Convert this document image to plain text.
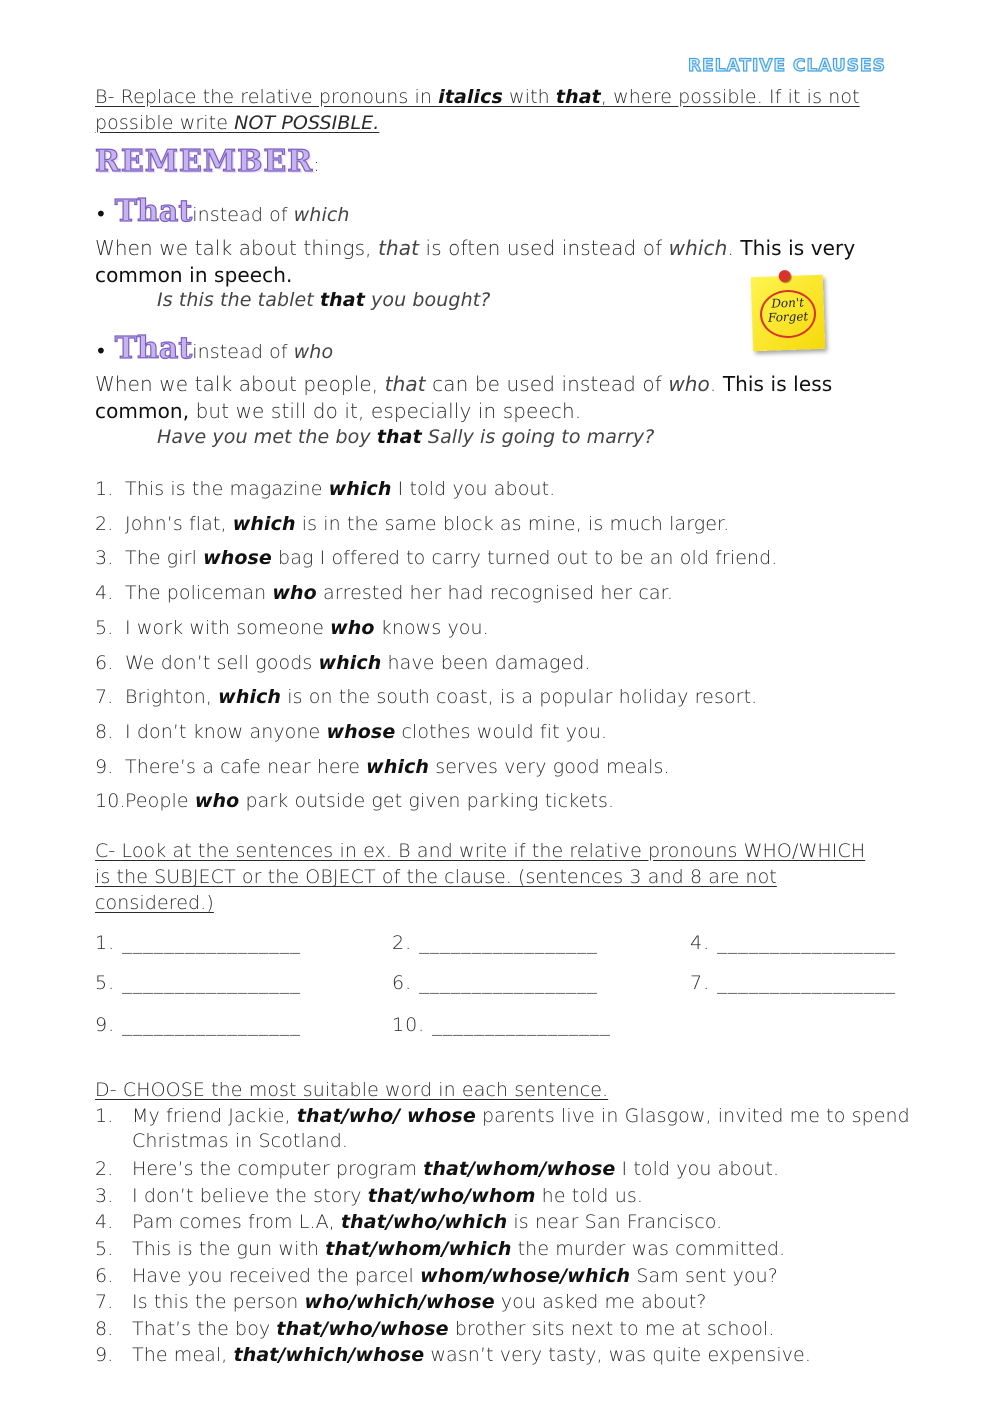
RELATIVE CLAUSES
B- Replace the relative pronouns in italics with that, where possible. If it is not
possible write NOT POSSIBLE.
REMEMBER:
• That instead of which
When we talk about things, that is often used instead of which. This is very
common in speech.
Is this the tablet that you bought?	Don't Forget
• That instead of who
When we talk about people, that can be used instead of who. This is less
common, but we still do it, especially in speech.
Have you met the boy that Sally is going to marry?
1. This is the magazine which I told you about.
2. John’s flat, which is in the same block as mine, is much larger.
3. The girl whose bag I offered to carry turned out to be an old friend.
4. The policeman who arrested her had recognised her car.
5. I work with someone who knows you.
6. We don’t sell goods which have been damaged.
7. Brighton, which is on the south coast, is a popular holiday resort.
8. I don’t know anyone whose clothes would fit you.
9. There’s a cafe near here which serves very good meals.
10.People who park outside get given parking tickets.
C- Look at the sentences in ex. B and write if the relative pronouns WHO/WHICH
is the SUBJECT or the OBJECT of the clause. (sentences 3 and 8 are not
considered.)
1. _________________	2. _________________	4. _________________
5. _________________	6. _________________	7. _________________
9. _________________	10. _________________
D- CHOOSE the most suitable word in each sentence.
1. My friend Jackie, that/who/ whose parents live in Glasgow, invited me to spend
Christmas in Scotland.
2. Here’s the computer program that/whom/whose I told you about.
3. I don’t believe the story that/who/whom he told us.
4. Pam comes from L.A, that/who/which is near San Francisco.
5. This is the gun with that/whom/which the murder was committed.
6. Have you received the parcel whom/whose/which Sam sent you?
7. Is this the person who/which/whose you asked me about?
8. That’s the boy that/who/whose brother sits next to me at school.
9. The meal, that/which/whose wasn’t very tasty, was quite expensive.
